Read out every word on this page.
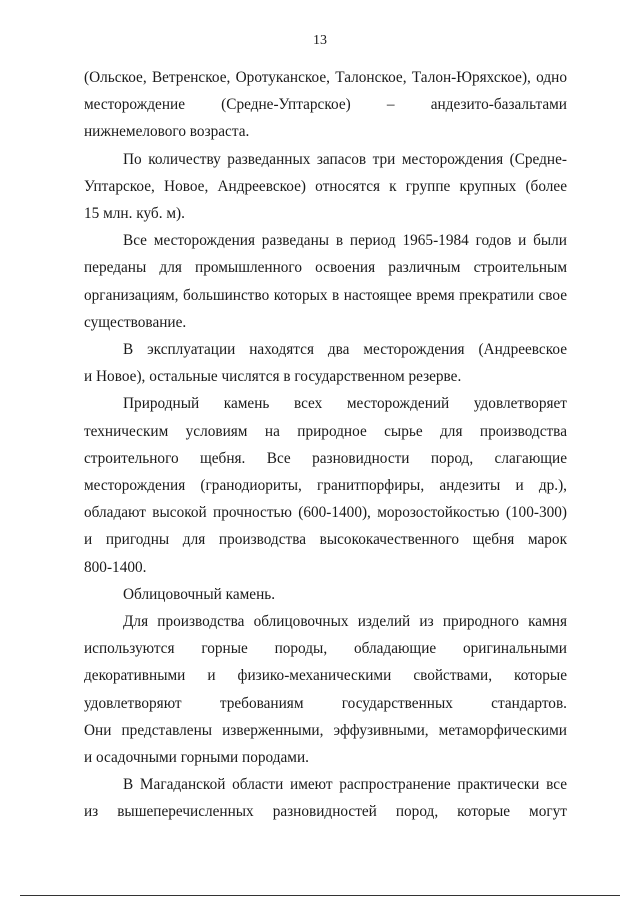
13

(Ольское, Ветренское, Оротуканское, Талонское, Талон-Юряхское), одно
месторождение (Средне-Уптарское) – андезито-базальтами
нижнемелового возраста.

По количеству разведанных запасов три месторождения (Средне-
Уптарское, Новое, Андреевское) относятся к группе крупных (более
15 млн. куб. м).

Все месторождения разведаны в период 1965-1984 годов и были
переданы для промышленного освоения различным строительным
организациям, большинство которых в настоящее время прекратили свое
существование.

В эксплуатации находятся два месторождения (Андреевское
и Новое), остальные числятся в государственном резерве.

Природный камень всех месторождений удовлетворяет
техническим условиям на природное сырье для производства
строительного щебня. Все разновидности пород, слагающие
месторождения (гранодиориты, гранитпорфиры, андезиты и др.),
обладают высокой прочностью (600-1400), морозостойкостью (100-300)
и пригодны для производства высококачественного щебня марок
800-1400.

Облицовочный камень.

Для производства облицовочных изделий из природного камня
используются горные породы, обладающие оригинальными
декоративными и физико-механическими свойствами, которые
удовлетворяют требованиям государственных стандартов.
Они представлены изверженными, эффузивными, метаморфическими
и осадочными горными породами.

В Магаданской области имеют распространение практически все
из вышеперечисленных разновидностей пород, которые могут
